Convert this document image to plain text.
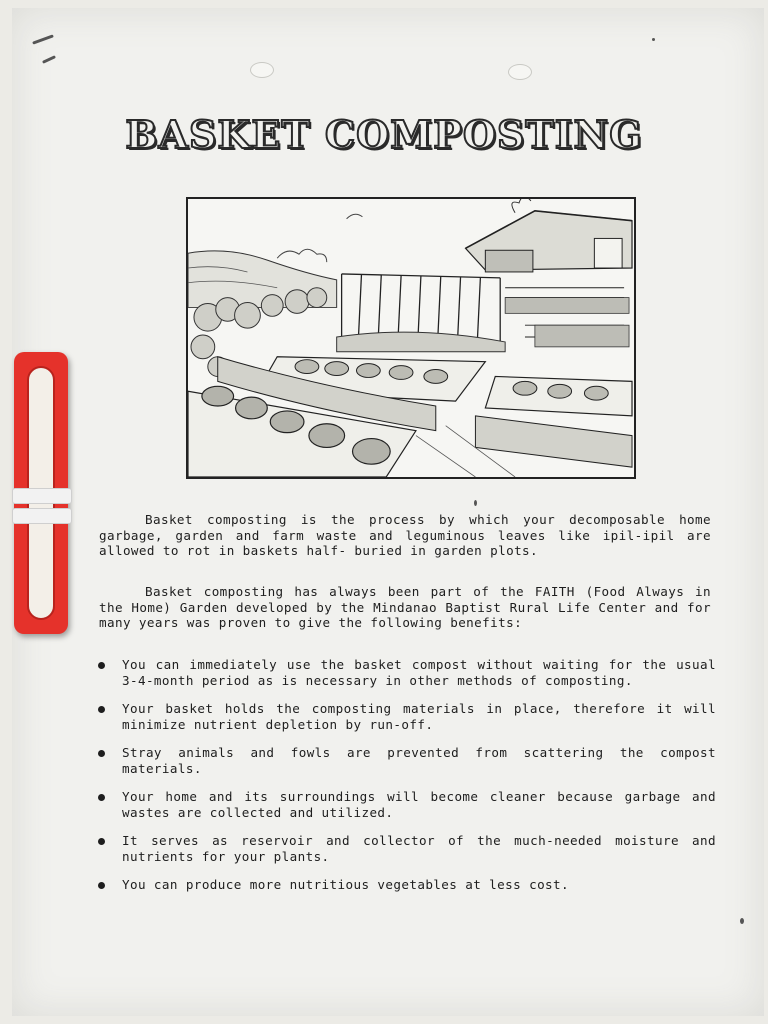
BASKET COMPOSTING

Basket composting is the process by which your decomposable home garbage, garden and farm waste and leguminous leaves like ipil-ipil are allowed to rot in baskets half- buried in garden plots.

Basket composting has always been part of the FAITH (Food Always in the Home) Garden developed by the Mindanao Baptist Rural Life Center and for many years was proven to give the following benefits:

You can immediately use the basket compost without waiting for the usual 3-4-month period as is necessary in other methods of composting.
Your basket holds the composting materials in place, therefore it will minimize nutrient depletion by run-off.
Stray animals and fowls are prevented from scattering the compost materials.
Your home and its surroundings will become cleaner because garbage and wastes are collected and utilized.
It serves as reservoir and collector of the much-needed moisture and nutrients for your plants.
You can produce more nutritious vegetables at less cost.
